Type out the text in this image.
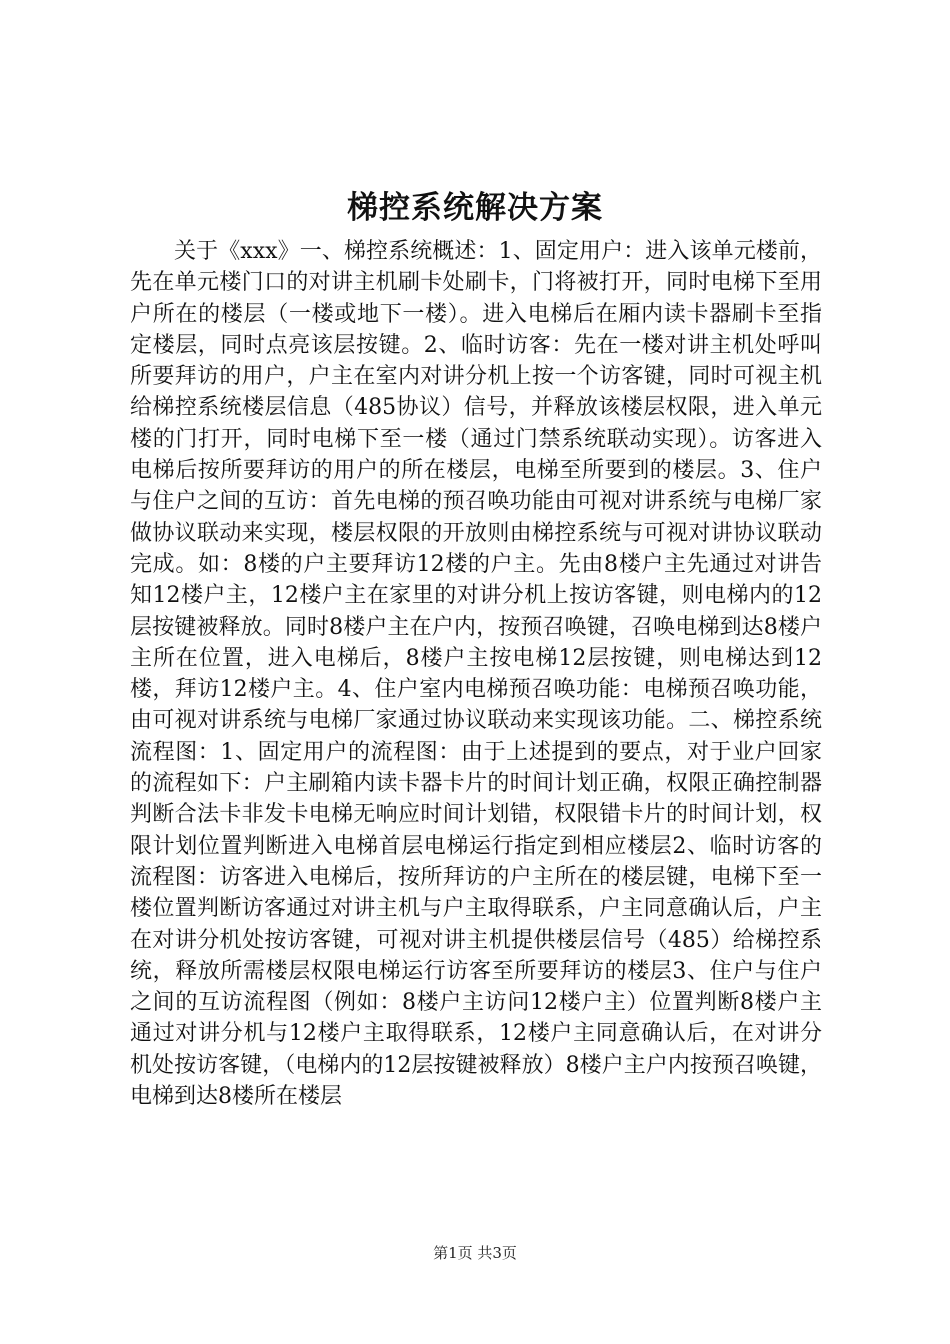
梯控系统解决方案

关于《xxx》一、梯控系统概述：1、固定用户：进入该单元楼前，先在单元楼门口的对讲主机刷卡处刷卡，门将被打开，同时电梯下至用户所在的楼层（一楼或地下一楼）。进入电梯后在厢内读卡器刷卡至指定楼层，同时点亮该层按键。2、临时访客：先在一楼对讲主机处呼叫所要拜访的用户，户主在室内对讲分机上按一个访客键，同时可视主机给梯控系统楼层信息（485协议）信号，并释放该楼层权限，进入单元楼的门打开，同时电梯下至一楼（通过门禁系统联动实现）。访客进入电梯后按所要拜访的用户的所在楼层，电梯至所要到的楼层。3、住户与住户之间的互访：首先电梯的预召唤功能由可视对讲系统与电梯厂家做协议联动来实现，楼层权限的开放则由梯控系统与可视对讲协议联动完成。如：8楼的户主要拜访12楼的户主。先由8楼户主先通过对讲告知12楼户主，12楼户主在家里的对讲分机上按访客键，则电梯内的12层按键被释放。同时8楼户主在户内，按预召唤键，召唤电梯到达8楼户主所在位置，进入电梯后，8楼户主按电梯12层按键，则电梯达到12楼，拜访12楼户主。4、住户室内电梯预召唤功能：电梯预召唤功能，由可视对讲系统与电梯厂家通过协议联动来实现该功能。二、梯控系统流程图：1、固定用户的流程图：由于上述提到的要点，对于业户回家的流程如下：户主刷箱内读卡器卡片的时间计划正确，权限正确控制器判断合法卡非发卡电梯无响应时间计划错，权限错卡片的时间计划，权限计划位置判断进入电梯首层电梯运行指定到相应楼层2、临时访客的流程图：访客进入电梯后，按所拜访的户主所在的楼层键，电梯下至一楼位置判断访客通过对讲主机与户主取得联系，户主同意确认后，户主在对讲分机处按访客键，可视对讲主机提供楼层信号（485）给梯控系统，释放所需楼层权限电梯运行访客至所要拜访的楼层3、住户与住户之间的互访流程图（例如：8楼户主访问12楼户主）位置判断8楼户主通过对讲分机与12楼户主取得联系，12楼户主同意确认后，在对讲分机处按访客键，（电梯内的12层按键被释放）8楼户主户内按预召唤键，电梯到达8楼所在楼层

第1页 共3页
